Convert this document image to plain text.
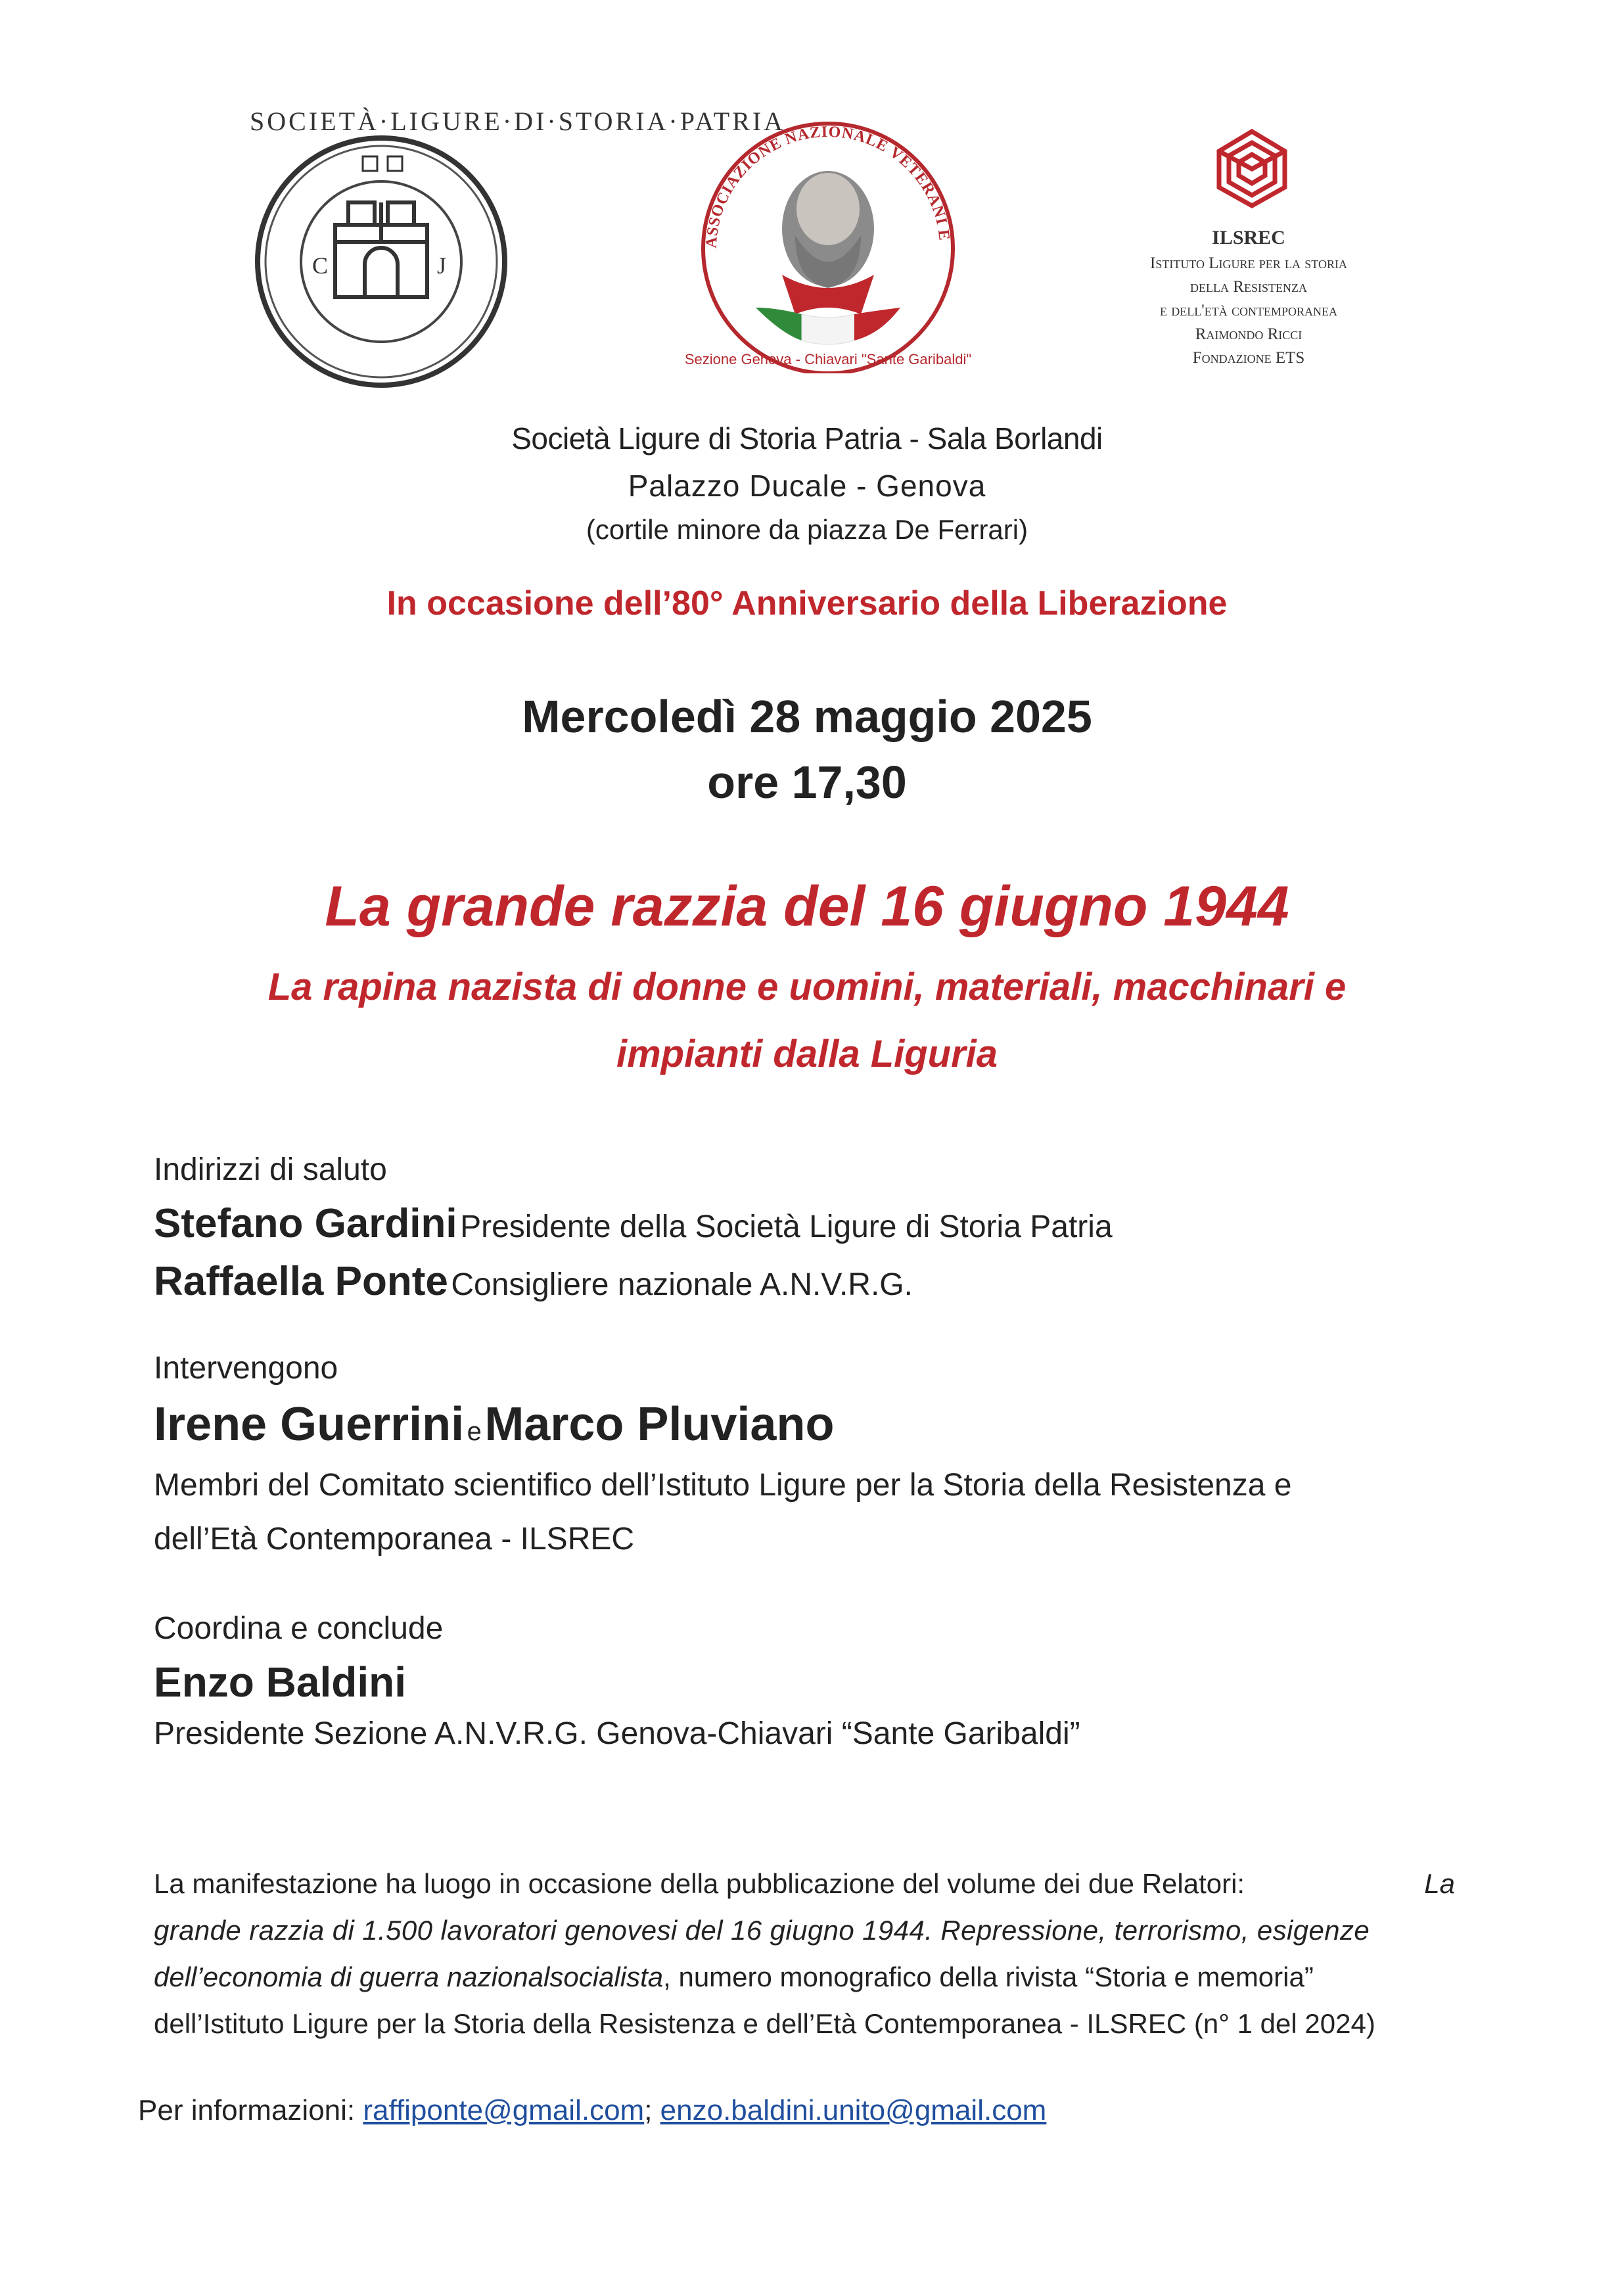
SOCIETÀ·LIGURE·DI·STORIA·PATRIA
C	J
ASSOCIAZIONE NAZIONALE VETERANI E
Sezione Genova - Chiavari "Sante Garibaldi"
ILSREC
Istituto Ligure per la storia
della Resistenza
e dell'età contemporanea
Raimondo Ricci
Fondazione ETS
Società Ligure di Storia Patria - Sala Borlandi
Palazzo Ducale - Genova
(cortile minore da piazza De Ferrari)
In occasione dell’80° Anniversario della Liberazione
Mercoledì 28 maggio 2025
ore 17,30
La grande razzia del 16 giugno 1944
La rapina nazista di donne e uomini, materiali, macchinari e
impianti dalla Liguria
Indirizzi di saluto
Stefano Gardini Presidente della Società Ligure di Storia Patria
Raffaella Ponte Consigliere nazionale A.N.V.R.G.
Intervengono
Irene Guerrini e Marco Pluviano
Membri del Comitato scientifico dell’Istituto Ligure per la Storia della Resistenza e
dell’Età Contemporanea - ILSREC
Coordina e conclude
Enzo Baldini
Presidente Sezione A.N.V.R.G. Genova-Chiavari “Sante Garibaldi”
La manifestazione ha luogo in occasione della pubblicazione del volume dei due Relatori:	La
grande razzia di 1.500 lavoratori genovesi del 16 giugno 1944. Repressione, terrorismo, esigenze
dell’economia di guerra nazionalsocialista, numero monografico della rivista “Storia e memoria”
dell’Istituto Ligure per la Storia della Resistenza e dell’Età Contemporanea - ILSREC (n° 1 del 2024)
Per informazioni: raffiponte@gmail.com; enzo.baldini.unito@gmail.com
